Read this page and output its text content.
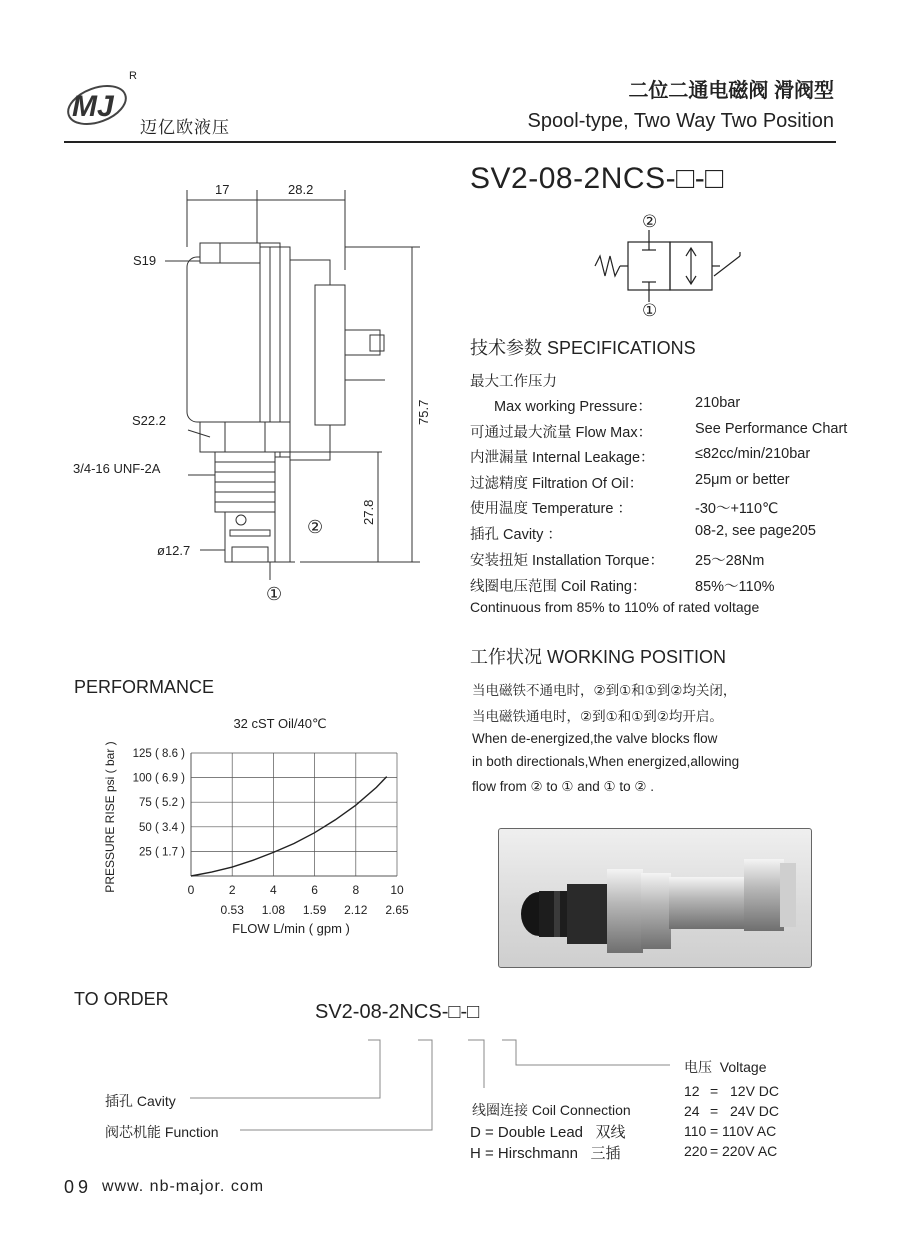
MJ
R
迈亿欧液压
二位二通电磁阀 滑阀型
Spool-type, Two Way Two Position
SV2-08-2NCS-□-□
17	28.2
S19
S22.2
3/4-16 UNF-2A
ø12.7
75.7
27.8
②
①
②
①
技术参数 SPECIFICATIONS
最大工作压力
Max working Pressure：	210bar
可通过最大流量 Flow Max：	See Performance Chart
内泄漏量 Internal Leakage：	≤82cc/min/210bar
过滤精度 Filtration Of Oil：	25μm or better
使用温度 Temperature ：	-30～+110℃
插孔 Cavity ：	08-2, see page205
安装扭矩 Installation Torque： 25～28Nm
线圈电压范围 Coil Rating：	85%～110%
Continuous from 85% to 110% of rated voltage
工作状况 WORKING POSITION
当电磁铁不通电时，②到①和①到②均关闭，
当电磁铁通电时，②到①和①到②均开启。
When de-energized,the valve blocks flow
in both directionals,When energized,allowing
flow from ② to ① and ① to ② .
PERFORMANCE
32 cST Oil/40℃
PRESSURE RISE psi ( bar )
FLOW L/min ( gpm )
0	2	4	6	8	10
0.53 1.08 1.59 2.12 2.65
25 ( 1.7 )
50 ( 3.4 )
75 ( 5.2 )
100 ( 6.9 )
125 ( 8.6 )
TO ORDER
SV2-08-2NCS-□-□
插孔 Cavity
阀芯机能 Function
线圈连接 Coil Connection
D = Double Lead   双线
H = Hirschmann   三插
电压  Voltage
12 = 12V DC
24 = 24V DC
110 = 110V AC
220 = 220V AC
09 www. nb-major. com
